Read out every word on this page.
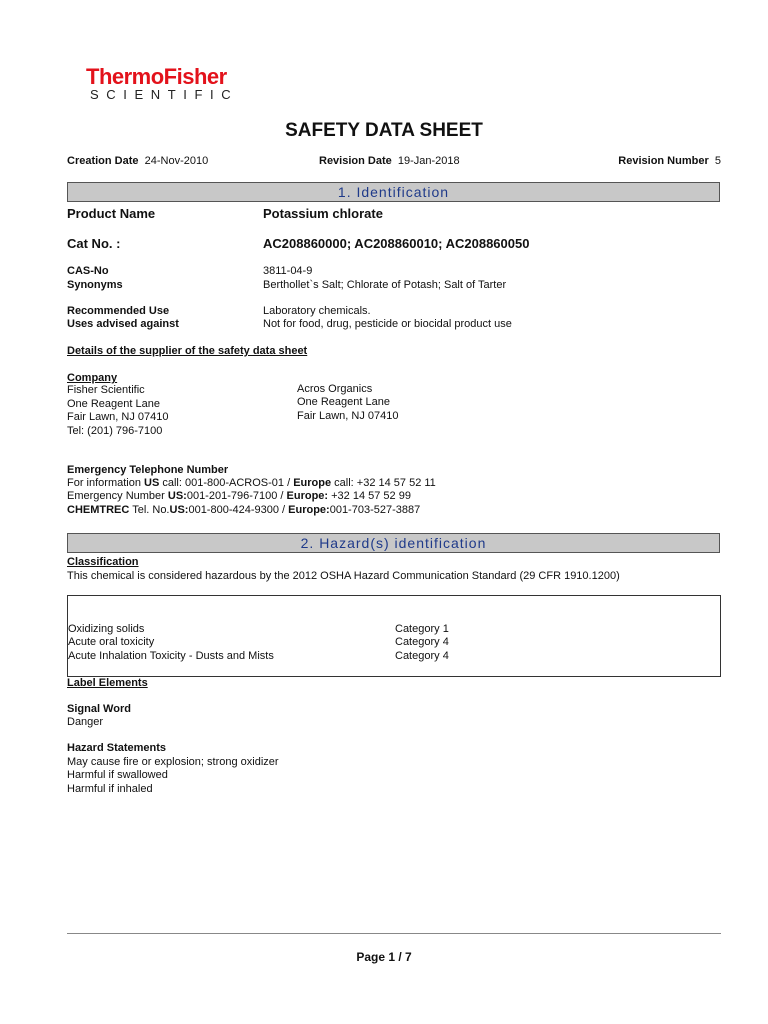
ThermoFisher
SCIENTIFIC
SAFETY DATA SHEET
Creation Date 24-Nov-2010	Revision Date 19-Jan-2018	Revision Number 5
1. Identification
Product Name	Potassium chlorate
Cat No. :	AC208860000; AC208860010; AC208860050
CAS-No	3811-04-9
Synonyms	Berthollet`s Salt; Chlorate of Potash; Salt of Tarter
Recommended Use	Laboratory chemicals.
Uses advised against	Not for food, drug, pesticide or biocidal product use
Details of the supplier of the safety data sheet
Company
Fisher Scientific
One Reagent Lane
Fair Lawn, NJ 07410
Tel: (201) 796-7100
Acros Organics
One Reagent Lane
Fair Lawn, NJ 07410
Emergency Telephone Number
For information US call: 001-800-ACROS-01 / Europe call: +32 14 57 52 11
Emergency Number US:001-201-796-7100 / Europe: +32 14 57 52 99
CHEMTREC Tel. No.US:001-800-424-9300 / Europe:001-703-527-3887
2. Hazard(s) identification
Classification
This chemical is considered hazardous by the 2012 OSHA Hazard Communication Standard (29 CFR 1910.1200)
Oxidizing solids	Category 1
Acute oral toxicity	Category 4
Acute Inhalation Toxicity - Dusts and Mists	Category 4
Label Elements
Signal Word
Danger
Hazard Statements
May cause fire or explosion; strong oxidizer
Harmful if swallowed
Harmful if inhaled
Page 1 / 7
